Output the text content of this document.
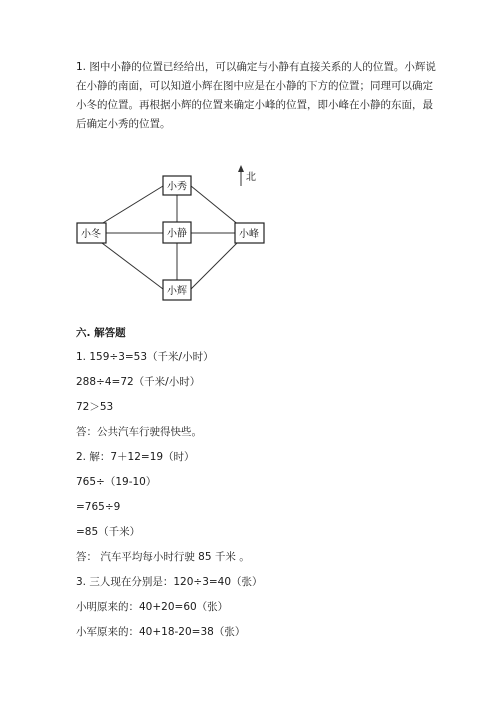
1. 图中小静的位置已经给出，可以确定与小静有直接关系的人的位置。小辉说在小静的南面，可以知道小辉在图中应是在小静的下方的位置；同理可以确定小冬的位置。再根据小辉的位置来确定小峰的位置，即小峰在小静的东面，最后确定小秀的位置。

北
小秀
小冬	小静	小峰
小辉

六. 解答题

1. 159÷3=53（千米/小时）

288÷4=72（千米/小时）

72＞53

答：公共汽车行驶得快些。

2. 解：7＋12=19（时）

765÷（19-10）

=765÷9

=85（千米）

答： 汽车平均每小时行驶 85 千米 。

3. 三人现在分别是：120÷3=40（张）

小明原来的：40+20=60（张）

小军原来的：40+18-20=38（张）
